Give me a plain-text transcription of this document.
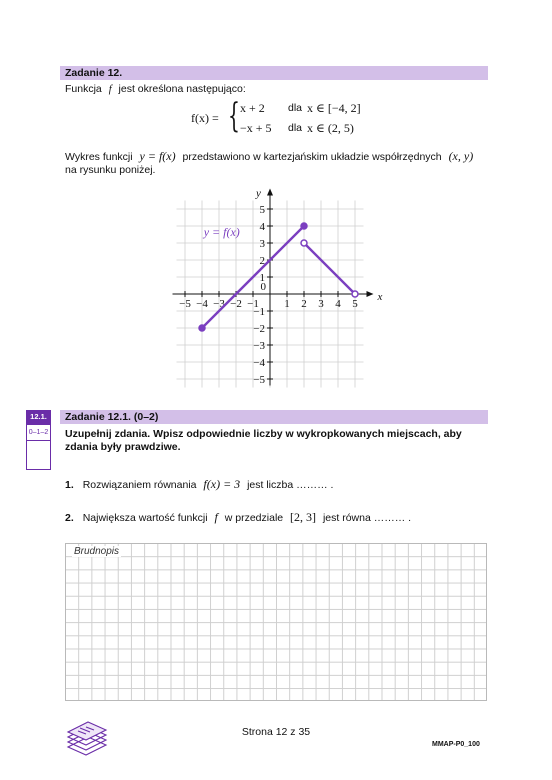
Zadanie 12.
Funkcja f jest określona następująco:
f(x) = { x + 2 dla x ∈ [−4, 2]
−x + 5 dla x ∈ (2, 5)
Wykres funkcji y = f(x) przedstawiono w kartezjańskim układzie współrzędnych (x, y)
na rysunku poniżej.
−5 −4 −3 −2 −1 1 2 3 4 5
5
4
3
2
1
−1
−2
−3
−4
−5
0
x
y
y = f(x)
12.1.
0–1–2
Zadanie 12.1. (0–2)
Uzupełnij zdania. Wpisz odpowiednie liczby w wykropkowanych miejscach, aby zdania były prawdziwe.
1. Rozwiązaniem równania f(x) = 3 jest liczba ……… .
2. Największa wartość funkcji f w przedziale [2, 3] jest równa ……… .
Brudnopis
Strona 12 z 35
MMAP-P0_100
